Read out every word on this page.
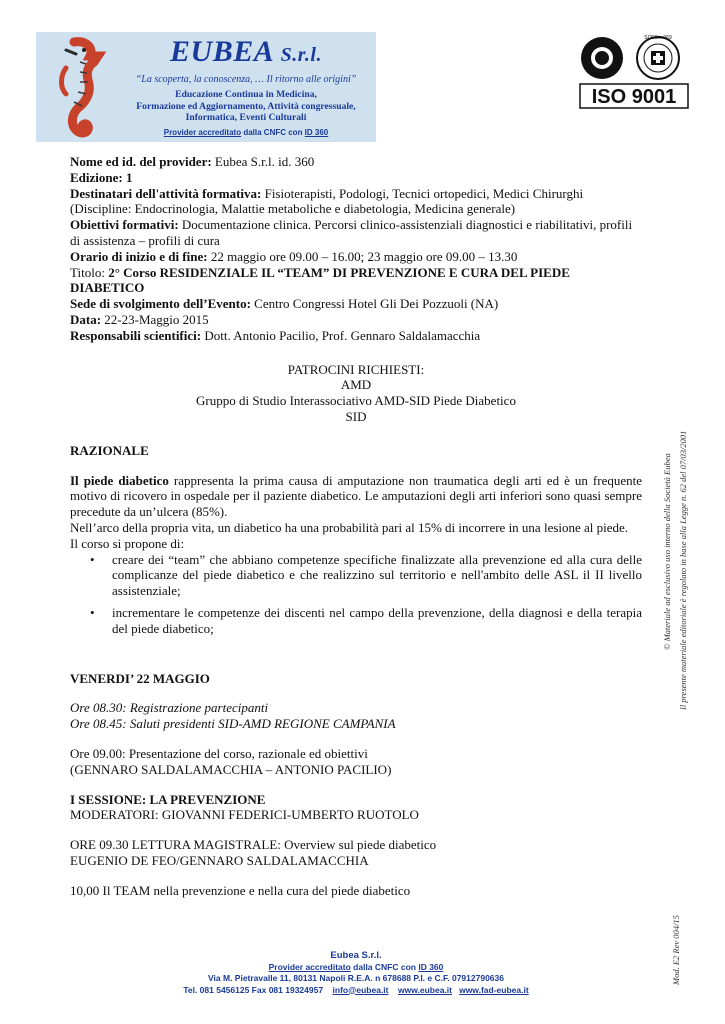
EUBEA S.r.l.
“La scoperta, la conoscenza, … Il ritorno alle origini”
Educazione Continua in Medicina,
Formazione ed Aggiornamento, Attività congressuale,
Informatica, Eventi Culturali
Provider accreditato dalla CNFC con ID 360
SCESm 069
ISO 9001

Nome ed id. del provider: Eubea S.r.l. id. 360

Edizione: 1

Destinatari dell'attività formativa: Fisioterapisti, Podologi, Tecnici ortopedici, Medici Chirurghi

(Discipline: Endocrinologia, Malattie metaboliche e diabetologia, Medicina generale)

Obiettivi formativi: Documentazione clinica. Percorsi clinico-assistenziali diagnostici e riabilitativi, profili di assistenza – profili di cura

Orario di inizio e di fine: 22 maggio ore 09.00 – 16.00; 23 maggio ore 09.00 – 13.30

Titolo: 2° Corso RESIDENZIALE IL “TEAM” DI PREVENZIONE E CURA DEL PIEDE DIABETICO

Sede di svolgimento dell’Evento: Centro Congressi Hotel Gli Dei Pozzuoli (NA)

Data: 22-23-Maggio 2015

Responsabili scientifici: Dott. Antonio Pacilio, Prof. Gennaro Saldalamacchia

PATROCINI RICHIESTI:

AMD

Gruppo di Studio Interassociativo AMD-SID Piede Diabetico

SID

RAZIONALE

Il piede diabetico rappresenta la prima causa di amputazione non traumatica degli arti ed è un frequente motivo di ricovero in ospedale per il paziente diabetico. Le amputazioni degli arti inferiori sono quasi sempre precedute da un’ulcera (85%).

Nell’arco della propria vita, un diabetico ha una probabilità pari al 15% di incorrere in una lesione al piede.

Il corso si propone di:

• creare dei “team” che abbiano competenze specifiche finalizzate alla prevenzione ed alla cura delle complicanze del piede diabetico e che realizzino sul territorio e nell'ambito delle ASL il II livello assistenziale;
• incrementare le competenze dei discenti nel campo della prevenzione, della diagnosi e della terapia del piede diabetico;

VENERDI’ 22 MAGGIO

Ore 08.30: Registrazione partecipanti

Ore 08.45: Saluti presidenti SID-AMD REGIONE CAMPANIA

Ore 09.00: Presentazione del corso, razionale ed obiettivi

(GENNARO SALDALAMACCHIA – ANTONIO PACILIO)

I SESSIONE: LA PREVENZIONE

MODERATORI: GIOVANNI FEDERICI-UMBERTO RUOTOLO

ORE 09.30 LETTURA MAGISTRALE: Overview sul piede diabetico

EUGENIO DE FEO/GENNARO SALDALAMACCHIA

10,00 Il TEAM nella prevenzione e nella cura del piede diabetico

© Materiale ad esclusivo uso interno della Società Eubea Il presente materiale editoriale è regolato in base alla Legge n. 62 del 07/03/2001
Mod. E2 Rev 004/15
Eubea S.r.l.
Provider accreditato dalla CNFC con ID 360
Via M. Pietravalle 11, 80131 Napoli R.E.A. n 678688 P.I. e C.F. 07912790636
Tel. 081 5456125 Fax 081 19324957 info@eubea.it www.eubea.it www.fad-eubea.it
